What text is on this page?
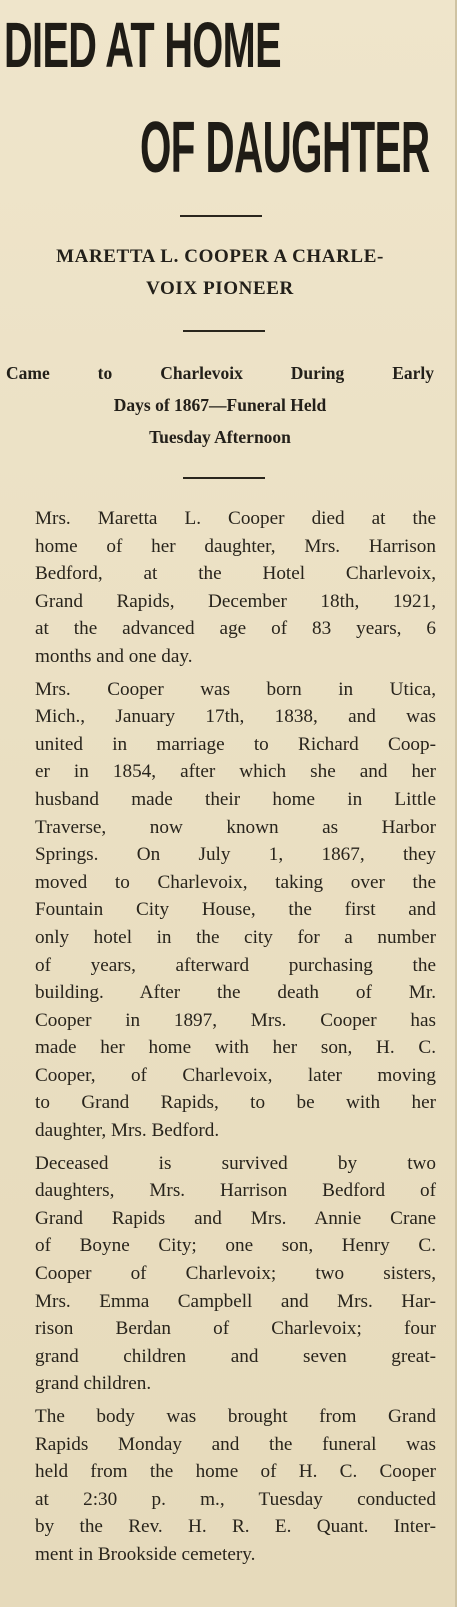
DIED AT HOME
OF DAUGHTER
MARETTA L. COOPER A CHARLE-
VOIX PIONEER
Came to Charlevoix During Early
Days of 1867—Funeral Held
Tuesday Afternoon

Mrs. Maretta L. Cooper died at the
home of her daughter, Mrs. Harrison
Bedford, at the Hotel Charlevoix,
Grand Rapids, December 18th, 1921,
at the advanced age of 83 years, 6
months and one day.

Mrs. Cooper was born in Utica,
Mich., January 17th, 1838, and was
united in marriage to Richard Coop-
er in 1854, after which she and her
husband made their home in Little
Traverse, now known as Harbor
Springs. On July 1, 1867, they
moved to Charlevoix, taking over the
Fountain City House, the first and
only hotel in the city for a number
of years, afterward purchasing the
building. After the death of Mr.
Cooper in 1897, Mrs. Cooper has
made her home with her son, H. C.
Cooper, of Charlevoix, later moving
to Grand Rapids, to be with her
daughter, Mrs. Bedford.

Deceased is survived by two
daughters, Mrs. Harrison Bedford of
Grand Rapids and Mrs. Annie Crane
of Boyne City; one son, Henry C.
Cooper of Charlevoix; two sisters,
Mrs. Emma Campbell and Mrs. Har-
rison Berdan of Charlevoix; four
grand children and seven great-
grand children.

The body was brought from Grand
Rapids Monday and the funeral was
held from the home of H. C. Cooper
at 2:30 p. m., Tuesday conducted
by the Rev. H. R. E. Quant. Inter-
ment in Brookside cemetery.
